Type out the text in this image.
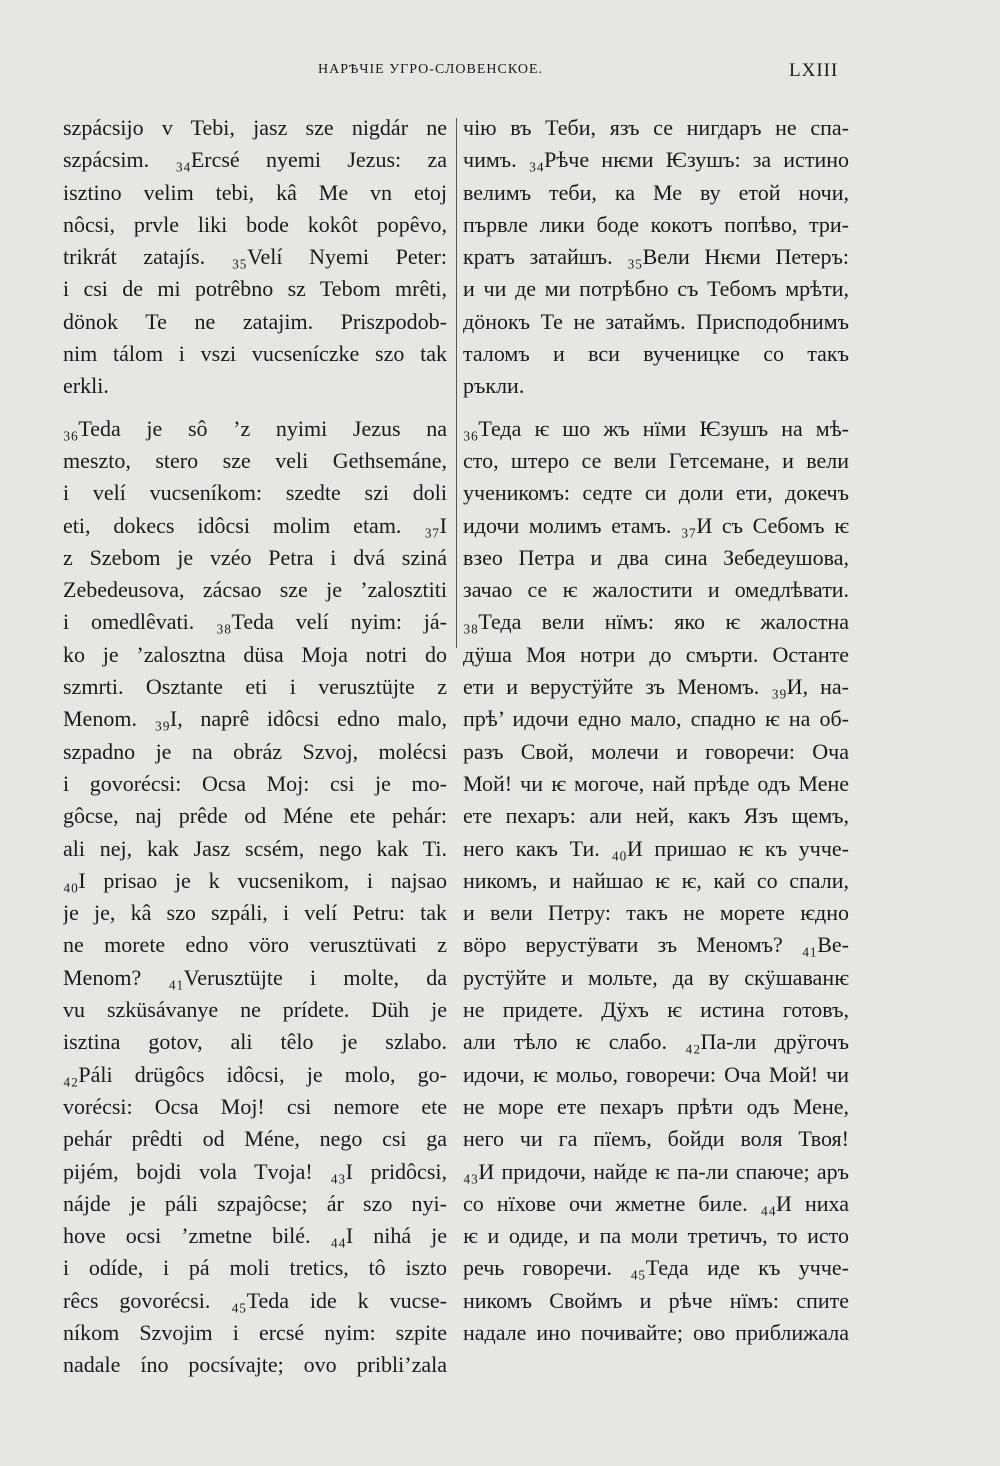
НАРѢЧІЕ УГРО-СЛОВЕНСКОЕ.	LXIII
szpácsijo v Tebi, jasz sze nigdár ne
szpácsim. ₃₄Ercsé nyemi Jezus: za
isztino velim tebi, kâ Me vn etoj
nôcsi, prvle liki bode kokôt popêvo,
trikrát zatajís. ₃₅Velí Nyemi Peter:
i csi de mi potrêbno sz Tebom mrêti,
dönok Te ne zatajim. Priszpodob-
nim tálom i vszi vucseníczke szo tak
erkli.
₃₆Teda je sô ’z nyimi Jezus na
meszto, stero sze veli Gethsemáne,
i velí vucseníkom: szedte szi doli
eti, dokecs idôcsi molim etam. ₃₇I
z Szebom je vzéo Petra i dvá sziná
Zebedeusova, zácsao sze je ’zalosztiti
i omedlêvati. ₃₈Teda velí nyim: já-
ko je ’zalosztna düsa Moja notri do
szmrti. Osztante eti i verusztüjte z
Menom. ₃₉I, naprê idôcsi edno malo,
szpadno je na obráz Szvoj, molécsi
i govorécsi: Ocsa Moj: csi je mo-
gôcse, naj prêde od Méne ete pehár:
ali nej, kak Jasz scsém, nego kak Ti.
₄₀I prisao je k vucsenikom, i najsao
je je, kâ szo szpáli, i velí Petru: tak
ne morete edno vöro verusztüvati z
Menom? ₄₁Verusztüjte i molte, da
vu szküsávanye ne prídete. Düh je
isztina gotov, ali têlo je szlabo.
₄₂Páli drügôcs idôcsi, je molo, go-
vorécsi: Ocsa Moj! csi nemore ete
pehár prêdti od Méne, nego csi ga
pijém, bojdi vola Tvoja! ₄₃I pridôcsi,
nájde je páli szpajôcse; ár szo nyi-
hove ocsi ’zmetne bilé. ₄₄I nihá je
i odíde, i pá moli tretics, tô iszto
rêcs govorécsi. ₄₅Teda ide k vucse-
níkom Szvojim i ercsé nyim: szpite
nadale íno pocsívajte; ovo pribli’zala
чію въ Теби, язъ се нигдаръ не спа-
чимъ. ₃₄Рѣче нѥми Ѥзушъ: за истино
велимъ теби, ка Ме ву етой ночи,
първле лики боде кокотъ попѣво, три-
кратъ затайшъ. ₃₅Вели Нѥми Петеръ:
и чи де ми потрѣбно съ Тебомъ мрѣти,
дӧнокъ Те не затаймъ. Присподобнимъ
таломъ и вси вученицке со такъ
ръкли.
₃₆Теда ѥ шо жъ нїми Ѥзушъ на мѣ-
сто, штеро се вели Гетсемане, и вели
ученикомъ: седте си доли ети, докечъ
идочи молимъ етамъ. ₃₇И съ Себомъ ѥ
взео Петра и два сина Зебедеушова,
зачао се ѥ жалостити и омедлѣвати.
₃₈Теда вели нїмъ: яко ѥ жалостна
дӱша Моя нотри до смърти. Останте
ети и верустӱйте зъ Меномъ. ₃₉И, на-
прѣ’ идочи едно мало, спадно ѥ на об-
разъ Свой, молечи и говоречи: Оча
Мой! чи ѥ могоче, най прѣде одъ Мене
ете пехаръ: али ней, какъ Язъ щемъ,
него какъ Ти. ₄₀И пришао ѥ къ учче-
никомъ, и найшао ѥ ѥ, кай со спали,
и вели Петру: такъ не морете ѥдно
вӧро верустӱвати зъ Меномъ? ₄₁Ве-
рустӱйте и мольте, да ву скӱшаванѥ
не придете. Дӱхъ ѥ истина готовъ,
али тѣло ѥ слабо. ₄₂Па-ли дрӱгочъ
идочи, ѥ мольо, говоречи: Оча Мой! чи
не море ете пехаръ прѣти одъ Мене,
него чи га пїемъ, бойди воля Твоя!
₄₃И придочи, найде ѥ па-ли спаюче; аръ
со нїхове очи жметне биле. ₄₄И ниха
ѥ и одиде, и па моли третичъ, то исто
речь говоречи. ₄₅Теда иде къ учче-
никомъ Своймъ и рѣче нїмъ: спите
надалe ино почивайте; ово приближала
